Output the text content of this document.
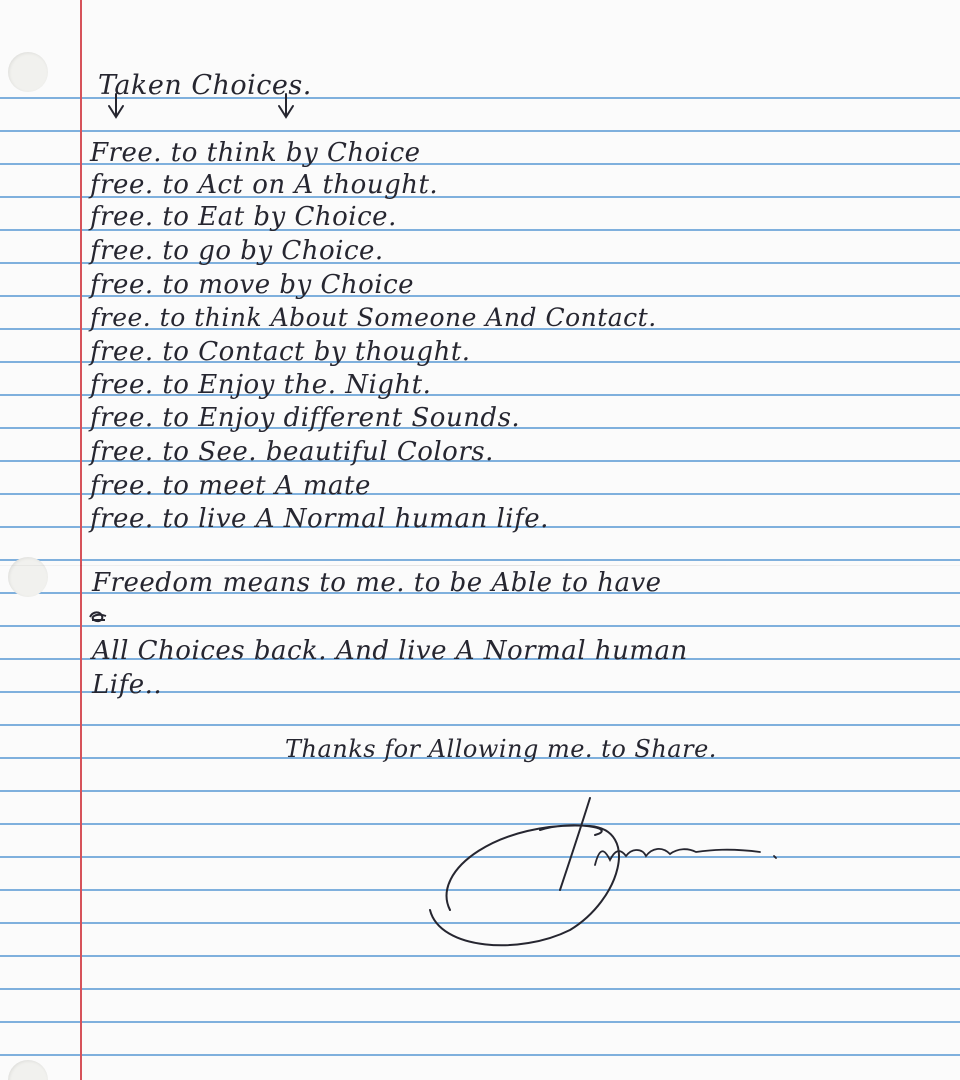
Taken Choices.

Free. to think by Choice

free. to Act on A thought.

free. to Eat by Choice.

free. to go by Choice.

free. to move by Choice

free. to think About Someone And Contact.

free. to Contact by thought.

free. to Enjoy the. Night.

free. to Enjoy different Sounds.

free. to See. beautiful Colors.

free. to meet A mate

free. to live A Normal human life.

Freedom means to me. to be Able to have

All Choices back. And live A Normal human

Life..

Thanks for Allowing me. to Share.

Jimmie.
